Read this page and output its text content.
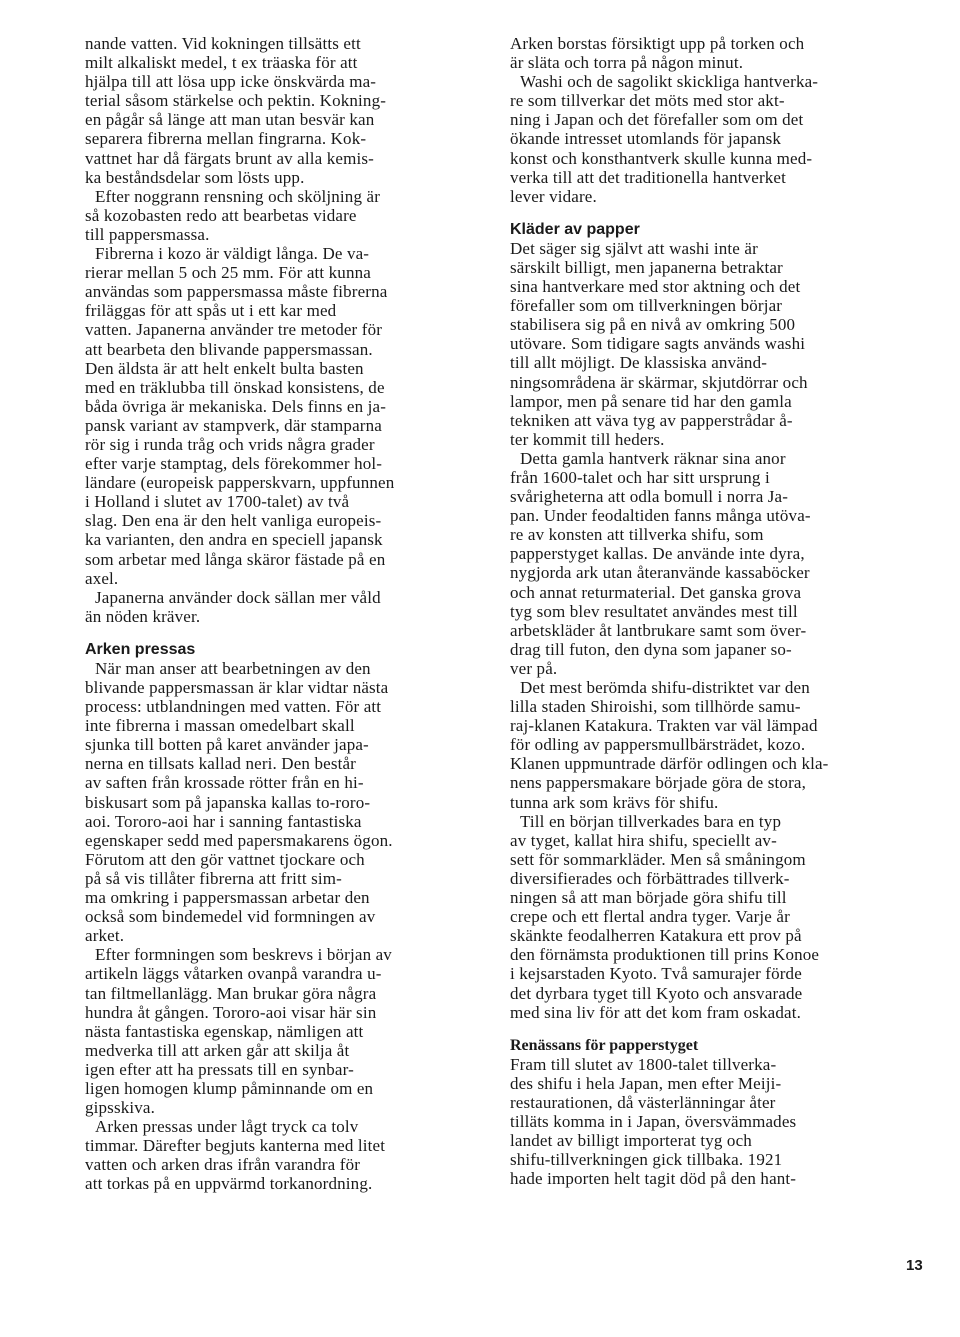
nande vatten. Vid kokningen tillsätts ett
milt alkaliskt medel, t ex träaska för att
hjälpa till att lösa upp icke önskvärda ma-
terial såsom stärkelse och pektin. Kokning-
en pågår så länge att man utan besvär kan
separera fibrerna mellan fingrarna. Kok-
vattnet har då färgats brunt av alla kemis-
ka beståndsdelar som lösts upp.
Efter noggrann rensning och sköljning är
så kozobasten redo att bearbetas vidare
till pappersmassa.
Fibrerna i kozo är väldigt långa. De va-
rierar mellan 5 och 25 mm. För att kunna
användas som pappersmassa måste fibrerna
friläggas för att spås ut i ett kar med
vatten. Japanerna använder tre metoder för
att bearbeta den blivande pappersmassan.
Den äldsta är att helt enkelt bulta basten
med en träklubba till önskad konsistens, de
båda övriga är mekaniska. Dels finns en ja-
pansk variant av stampverk, där stamparna
rör sig i runda tråg och vrids några grader
efter varje stamptag, dels förekommer hol-
ländare (europeisk papperskvarn, uppfunnen
i Holland i slutet av 1700-talet) av två
slag. Den ena är den helt vanliga europeis-
ka varianten, den andra en speciell japansk
som arbetar med långa skäror fästade på en
axel.
Japanerna använder dock sällan mer våld
än nöden kräver.
Arken pressas
När man anser att bearbetningen av den
blivande pappersmassan är klar vidtar nästa
process: utblandningen med vatten. För att
inte fibrerna i massan omedelbart skall
sjunka till botten på karet använder japa-
nerna en tillsats kallad neri. Den består
av saften från krossade rötter från en hi-
biskusart som på japanska kallas to-roro-
aoi. Tororo-aoi har i sanning fantastiska
egenskaper sedd med papersmakarens ögon.
Förutom att den gör vattnet tjockare och
på så vis tillåter fibrerna att fritt sim-
ma omkring i pappersmassan arbetar den
också som bindemedel vid formningen av
arket.
Efter formningen som beskrevs i början av
artikeln läggs våtarken ovanpå varandra u-
tan filtmellanlägg. Man brukar göra några
hundra åt gången. Tororo-aoi visar här sin
nästa fantastiska egenskap, nämligen att
medverka till att arken går att skilja åt
igen efter att ha pressats till en synbar-
ligen homogen klump påminnande om en
gipsskiva.
Arken pressas under lågt tryck ca tolv
timmar. Därefter begjuts kanterna med litet
vatten och arken dras ifrån varandra för
att torkas på en uppvärmd torkanordning.
Arken borstas försiktigt upp på torken och
är släta och torra på någon minut.
Washi och de sagolikt skickliga hantverka-
re som tillverkar det möts med stor akt-
ning i Japan och det förefaller som om det
ökande intresset utomlands för japansk
konst och konsthantverk skulle kunna med-
verka till att det traditionella hantverket
lever vidare.
Kläder av papper
Det säger sig självt att washi inte är
särskilt billigt, men japanerna betraktar
sina hantverkare med stor aktning och det
förefaller som om tillverkningen börjar
stabilisera sig på en nivå av omkring 500
utövare. Som tidigare sagts används washi
till allt möjligt. De klassiska använd-
ningsområdena är skärmar, skjutdörrar och
lampor, men på senare tid har den gamla
tekniken att väva tyg av papperstrådar å-
ter kommit till heders.
Detta gamla hantverk räknar sina anor
från 1600-talet och har sitt ursprung i
svårigheterna att odla bomull i norra Ja-
pan. Under feodaltiden fanns många utöva-
re av konsten att tillverka shifu, som
papperstyget kallas. De använde inte dyra,
nygjorda ark utan återanvände kassaböcker
och annat returmaterial. Det ganska grova
tyg som blev resultatet användes mest till
arbetskläder åt lantbrukare samt som över-
drag till futon, den dyna som japaner so-
ver på.
Det mest berömda shifu-distriktet var den
lilla staden Shiroishi, som tillhörde samu-
raj-klanen Katakura. Trakten var väl lämpad
för odling av pappersmullbärsträdet, kozo.
Klanen uppmuntrade därför odlingen och kla-
nens pappersmakare började göra de stora,
tunna ark som krävs för shifu.
Till en början tillverkades bara en typ
av tyget, kallat hira shifu, speciellt av-
sett för sommarkläder. Men så småningom
diversifierades och förbättrades tillverk-
ningen så att man började göra shifu till
crepe och ett flertal andra tyger. Varje år
skänkte feodalherren Katakura ett prov på
den förnämsta produktionen till prins Konoe
i kejsarstaden Kyoto. Två samurajer förde
det dyrbara tyget till Kyoto och ansvarade
med sina liv för att det kom fram oskadat.
Renässans för papperstyget
Fram till slutet av 1800-talet tillverka-
des shifu i hela Japan, men efter Meiji-
restaurationen, då västerlänningar åter
tilläts komma in i Japan, översvämmades
landet av billigt importerat tyg och
shifu-tillverkningen gick tillbaka. 1921
hade importen helt tagit död på den hant-
13
